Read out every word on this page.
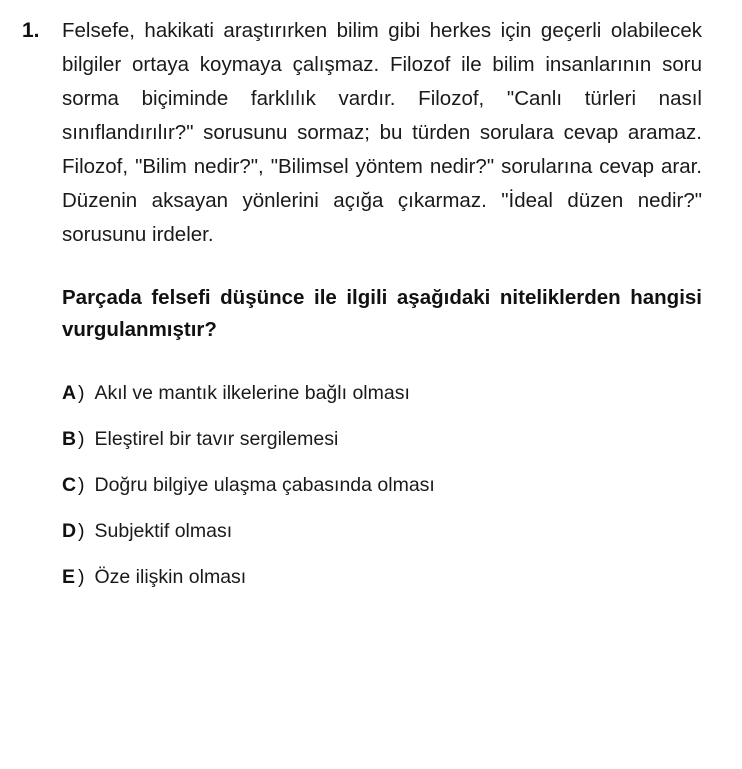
1.	Felsefe, hakikati araştırırken bilim gibi herkes için geçerli olabilecek bilgiler ortaya koymaya çalışmaz. Filozof ile bilim insanlarının soru sorma biçiminde farklılık vardır. Filozof, "Canlı türleri nasıl sınıflandırılır?" sorusunu sormaz; bu türden sorulara cevap aramaz. Filozof, "Bilim nedir?", "Bilimsel yöntem nedir?" sorularına cevap arar. Düzenin aksayan yönlerini açığa çıkarmaz. "İdeal düzen nedir?" sorusunu irdeler.

Parçada felsefi düşünce ile ilgili aşağıdaki niteliklerden hangisi vurgulanmıştır?

A ) Akıl ve mantık ilkelerine bağlı olması
B ) Eleştirel bir tavır sergilemesi
C ) Doğru bilgiye ulaşma çabasında olması
D ) Subjektif olması
E ) Öze ilişkin olması
